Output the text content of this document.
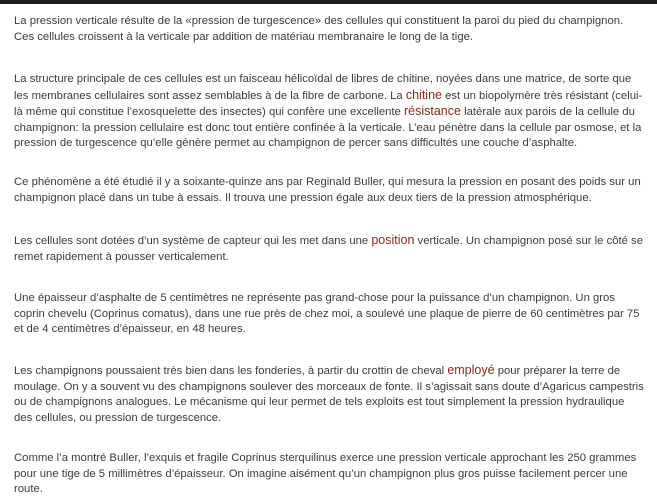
La pression verticale résulte de la «pression de turgescence» des cellules qui constituent la paroi du pied du champignon. Ces cellules croissent à la verticale par addition de matériau membranaire le long de la tige.

La structure principale de ces cellules est un faisceau hélicoïdal de libres de chitine, noyées dans une matrice, de sorte que les membranes cellulaires sont assez semblables à de la fibre de carbone. La chitine est un biopolymère très résistant (celui-là même qui constitue l’exosquelette des insectes) qui confère une excellente résistance latérale aux parois de la cellule du champignon: la pression cellulaire est donc tout entière confinée à la verticale. L’eau pénètre dans la cellule par osmose, et la pression de turgescence qu’elle génère permet au champignon de percer sans difficultés une couche d’asphalte.

Ce phénomène a été étudié il y a soixante-quinze ans par Reginald Buller, qui mesura la pression en posant des poids sur un champignon placé dans un tube à essais. Il trouva une pression égale aux deux tiers de la pression atmosphérique.

Les cellules sont dotées d’un système de capteur qui les met dans une position verticale. Un champignon posé sur le côté se remet rapidement à pousser verticalement.

Une épaisseur d’asphalte de 5 centimètres ne représente pas grand-chose pour la puissance d’un champignon. Un gros coprin chevelu (Coprinus comatus), dans une rue près de chez moi, a soulevé une plaque de pierre de 60 centimètres par 75 et de 4 centimètres d’épaisseur, en 48 heures.

Les champignons poussaient très bien dans les fonderies, à partir du crottin de cheval employé pour préparer la terre de moulage. On y a souvent vu des champignons soulever des morceaux de fonte. Il s’agissait sans doute d’Agaricus campestris ou de champignons analogues. Le mécanisme qui leur permet de tels exploits est tout simplement la pression hydraulique des cellules, ou pression de turgescence.

Comme l’a montré Buller, l’exquis et fragile Coprinus sterquilinus exerce une pression verticale approchant les 250 grammes pour une tige de 5 millimètres d’épaisseur. On imagine aisément qu’un champignon plus gros puisse facilement percer une route.
